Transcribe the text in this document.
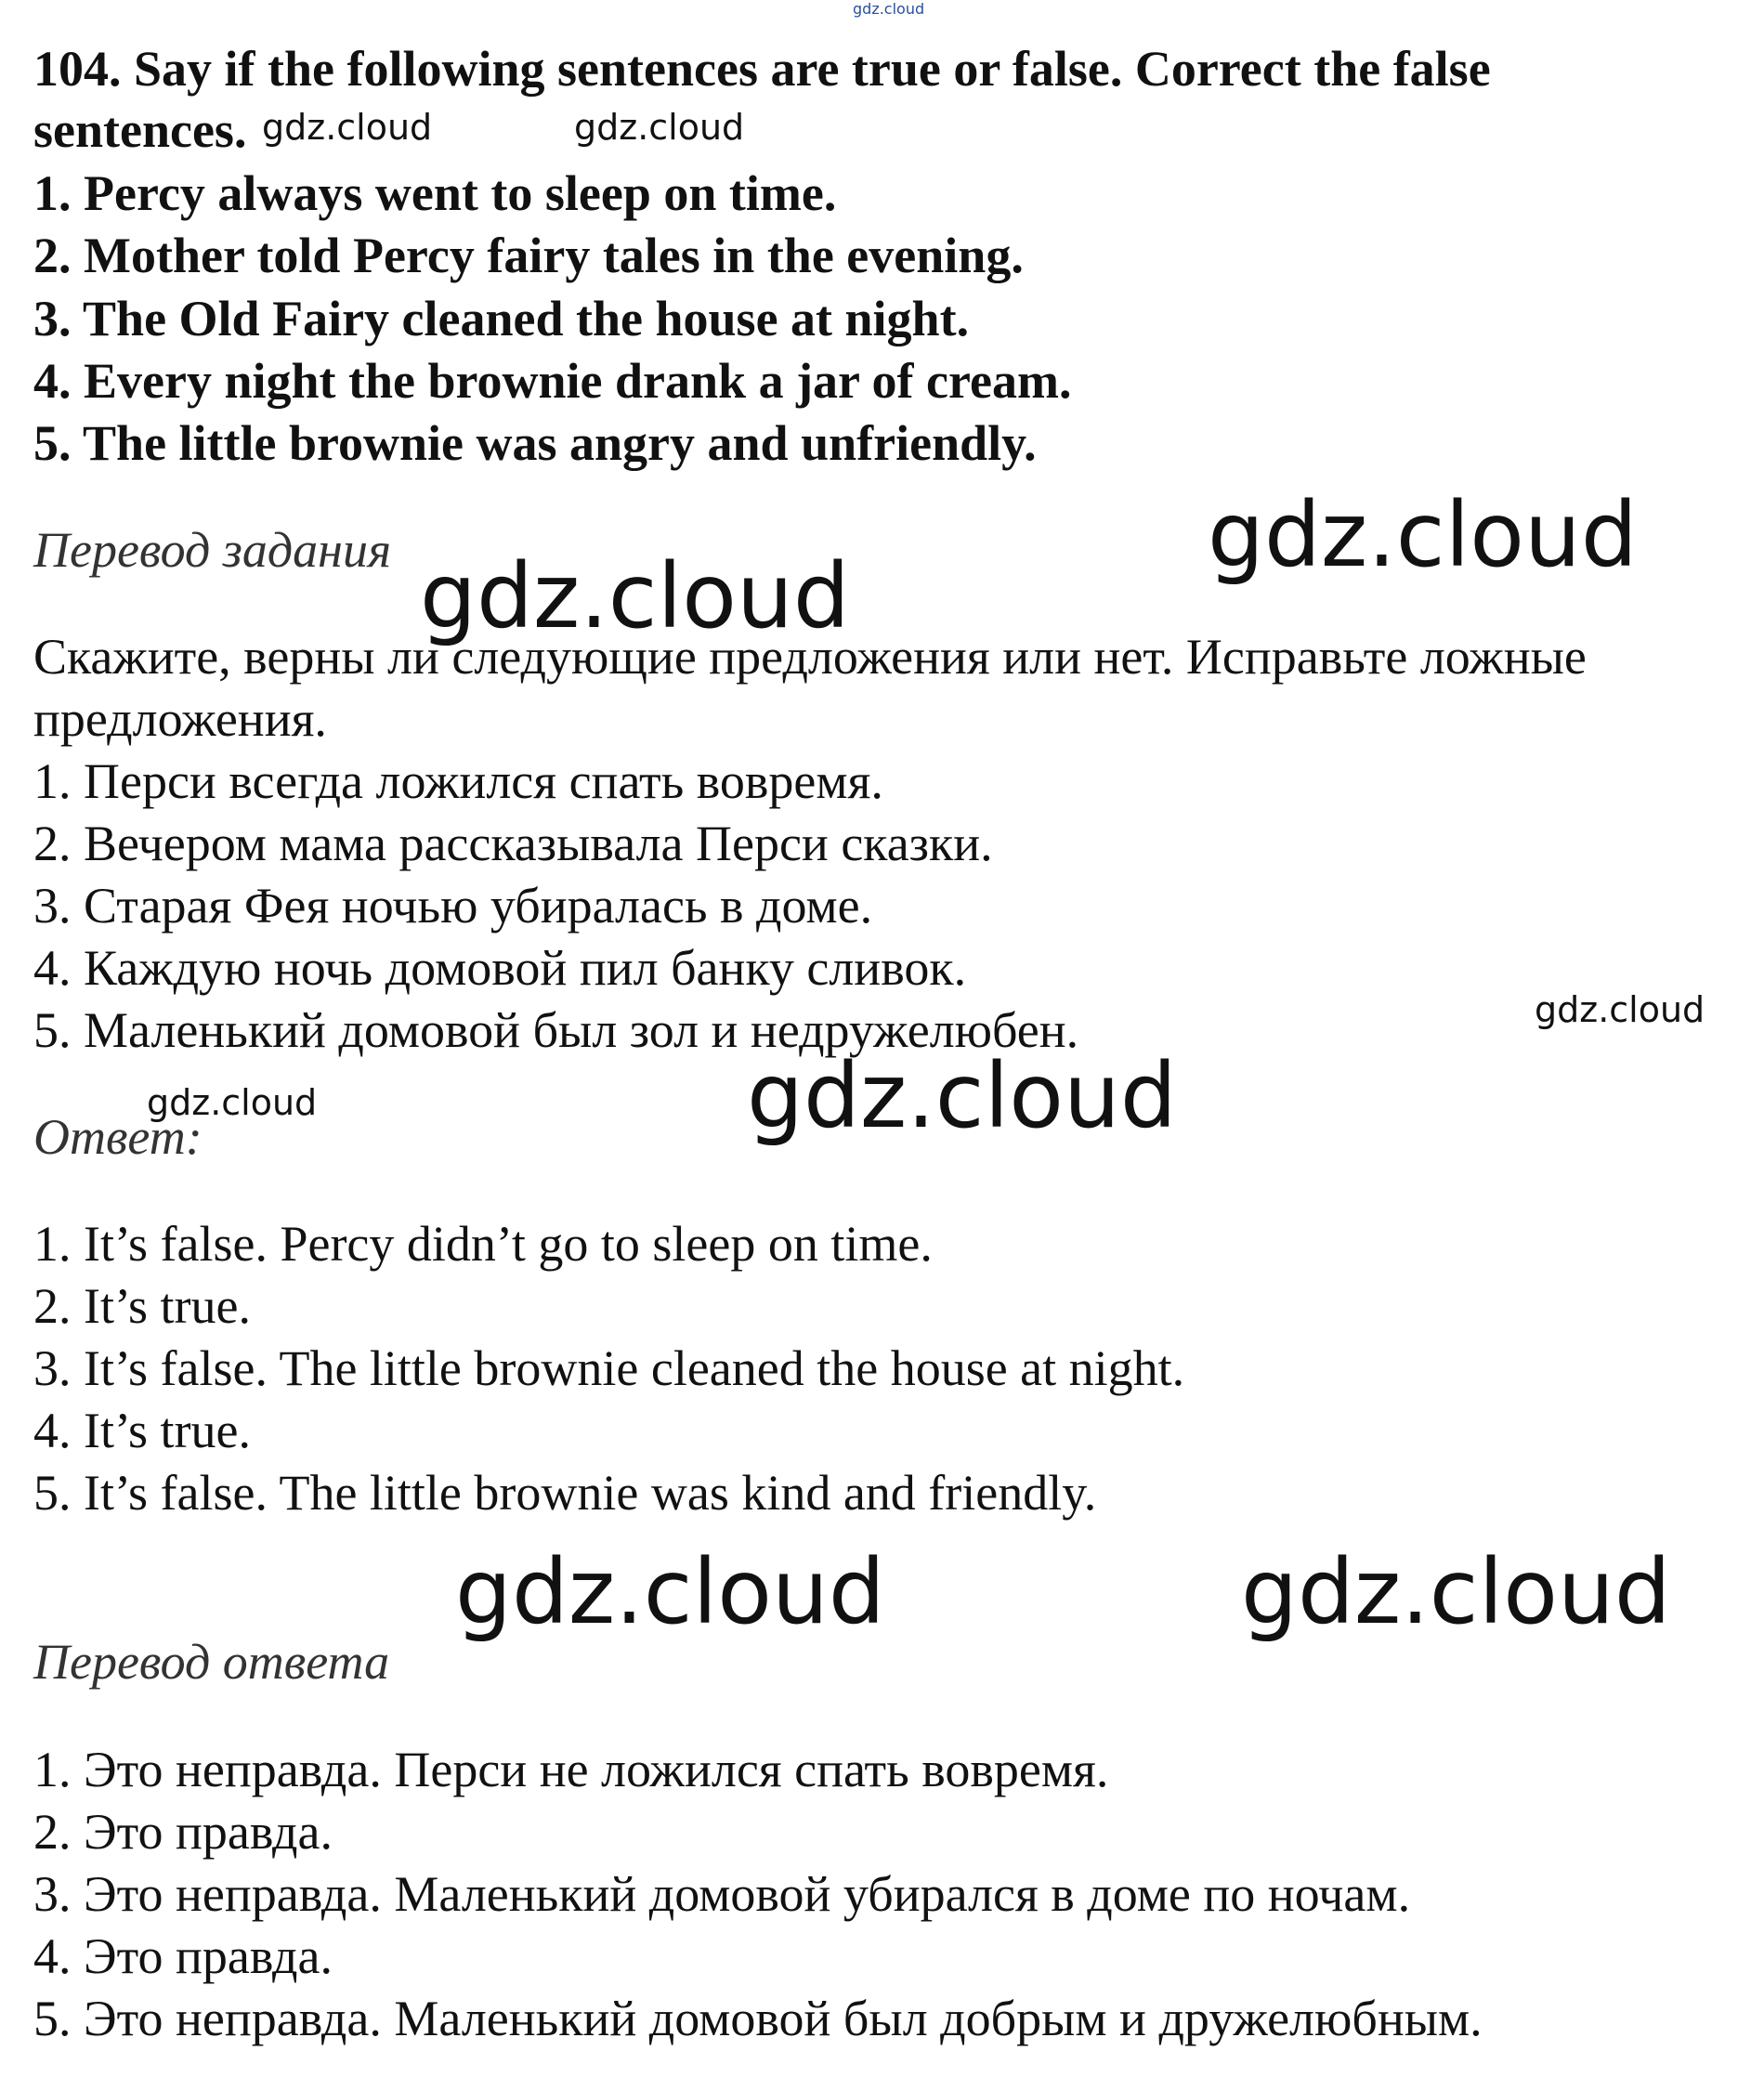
gdz.cloud
gdz.cloud	gdz.cloud
gdz.cloud
gdz.cloud
gdz.cloud
gdz.cloud	gdz.cloud
gdz.cloud	gdz.cloud
104. Say if the following sentences are true or false. Correct the false
sentences.
1. Percy always went to sleep on time.
2. Mother told Percy fairy tales in the evening.
3. The Old Fairy cleaned the house at night.
4. Every night the brownie drank a jar of cream.
5. The little brownie was angry and unfriendly.
Перевод задания
Скажите, верны ли следующие предложения или нет. Исправьте ложные
предложения.
1. Перси всегда ложился спать вовремя.
2. Вечером мама рассказывала Перси сказки.
3. Старая Фея ночью убиралась в доме.
4. Каждую ночь домовой пил банку сливок.
5. Маленький домовой был зол и недружелюбен.
Ответ:
1. It’s false. Percy didn’t go to sleep on time.
2. It’s true.
3. It’s false. The little brownie cleaned the house at night.
4. It’s true.
5. It’s false. The little brownie was kind and friendly.
Перевод ответа
1. Это неправда. Перси не ложился спать вовремя.
2. Это правда.
3. Это неправда. Маленький домовой убирался в доме по ночам.
4. Это правда.
5. Это неправда. Маленький домовой был добрым и дружелюбным.
